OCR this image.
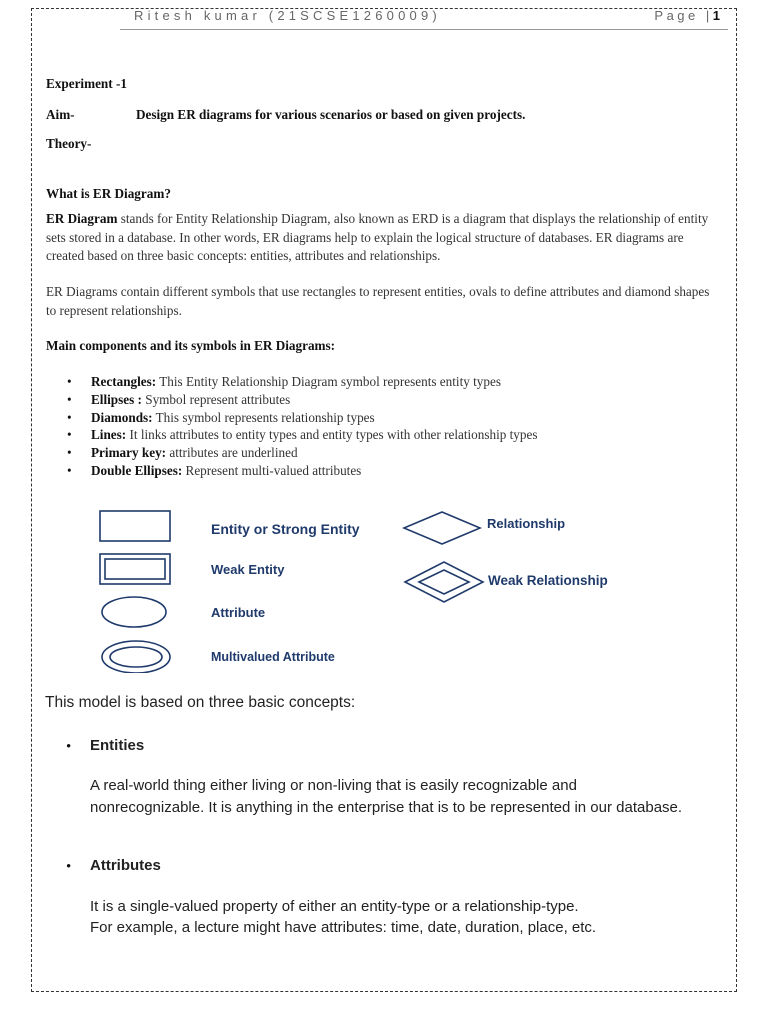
Ritesh kumar (21SCSE1260009)	Page |1
Experiment -1
Aim-	Design ER diagrams for various scenarios or based on given projects.
Theory-
What is ER Diagram?
ER Diagram stands for Entity Relationship Diagram, also known as ERD is a diagram that displays the relationship of entity sets stored in a database. In other words, ER diagrams help to explain the logical structure of databases. ER diagrams are created based on three basic concepts: entities, attributes and relationships.
ER Diagrams contain different symbols that use rectangles to represent entities, ovals to define attributes and diamond shapes to represent relationships.
Main components and its symbols in ER Diagrams:
• Rectangles: This Entity Relationship Diagram symbol represents entity types
• Ellipses : Symbol represent attributes
• Diamonds: This symbol represents relationship types
• Lines: It links attributes to entity types and entity types with other relationship types
• Primary key: attributes are underlined
• Double Ellipses: Represent multi-valued attributes
Entity or Strong Entity
Weak Entity
Attribute
Multivalued Attribute
Relationship
Weak Relationship
This model is based on three basic concepts:
• Entities
A real-world thing either living or non-living that is easily recognizable and
nonrecognizable. It is anything in the enterprise that is to be represented in our database.
• Attributes
It is a single-valued property of either an entity-type or a relationship-type.
For example, a lecture might have attributes: time, date, duration, place, etc.
